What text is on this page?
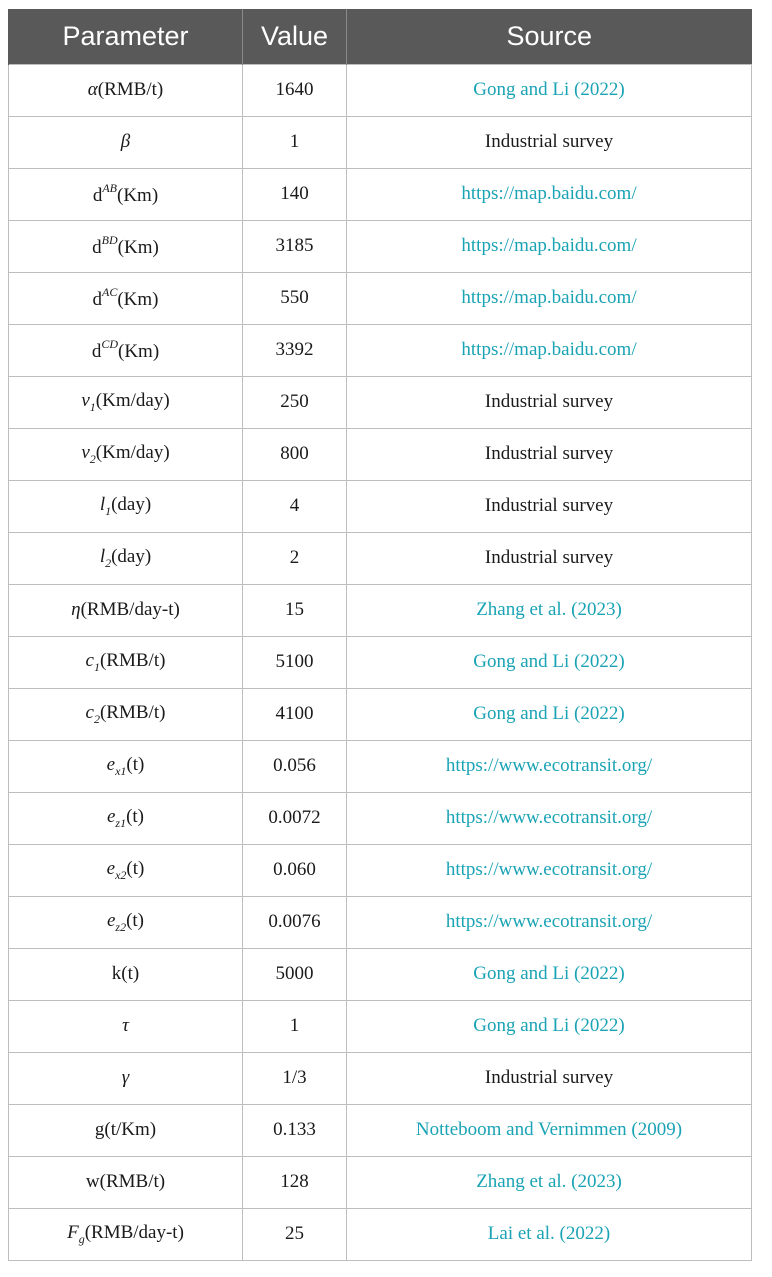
Parameter	Value	Source
α(RMB/t)	1640	Gong and Li (2022)
β	1	Industrial survey
$d^{AB}(Km)$	140	https://map.baidu.com/
$d^{BD}(Km)$	3185	https://map.baidu.com/
$d^{AC}(Km)$	550	https://map.baidu.com/
$d^{CD}(Km)$	3392	https://map.baidu.com/
$v_1(Km/day)$	250	Industrial survey
$v_2(Km/day)$	800	Industrial survey
$l_1(day)$	4	Industrial survey
$l_2(day)$	2	Industrial survey
η(RMB/day-t)	15	Zhang et al. (2023)
$c_1(RMB/t)$	5100	Gong and Li (2022)
$c_2(RMB/t)$	4100	Gong and Li (2022)
$e_{x1}(t)$	0.056	https://www.ecotransit.org/
$e_{z1}(t)$	0.0072	https://www.ecotransit.org/
$e_{x2}(t)$	0.060	https://www.ecotransit.org/
$e_{z2}(t)$	0.0076	https://www.ecotransit.org/
k(t)	5000	Gong and Li (2022)
τ	1	Gong and Li (2022)
γ	1/3	Industrial survey
g(t/Km)	0.133	Notteboom and Vernimmen (2009)
w(RMB/t)	128	Zhang et al. (2023)
$F_g(RMB/day-t)$	25	Lai et al. (2022)
